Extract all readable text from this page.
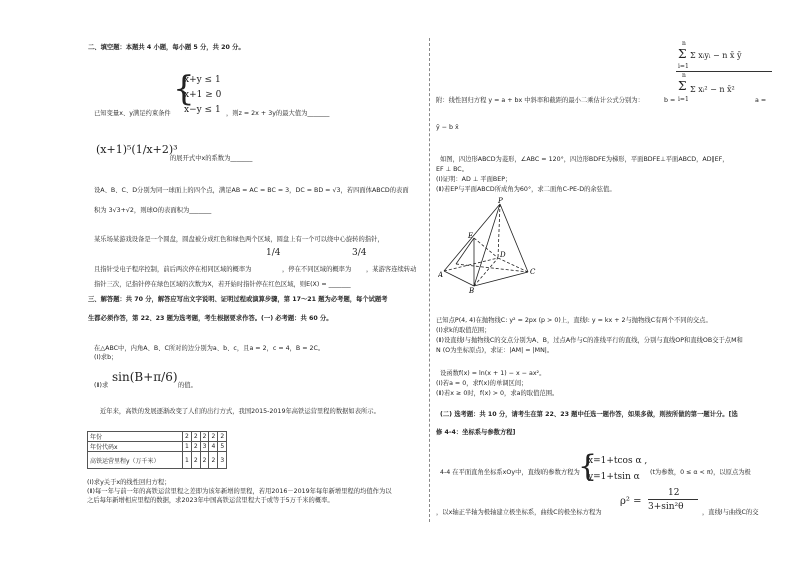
二、填空题：本题共 4 小题，每小题 5 分，共 20 分。
{
x+y ≤ 1
x+1 ≥ 0
x−y ≤ 1
已知变量x、y满足约束条件	，则z = 2x + 3y的最大值为_______
(x+1)⁵(1/x+2)³
的展开式中x的系数为_______
设A、B、C、D分别为同一球面上的四个点，满足AB = AC = BC = 3，DC = BD = √3，若四面体ABCD的表面
积为 3√3+√2，则球O的表面积为_______
某乐场某游戏设备是一个圆盘，圆盘被分成红色和绿色两个区域，圆盘上有一个可以绕中心旋转的指针，
1/4	3/4
且指针受电子程序控制，前后两次停在相同区域的概率为	，停在不同区域的概率为 ，某游客连续转动
指针三次，记指针停在绿色区域的次数为X，若开始时指针停在红色区域，则E(X) = _______
三、解答题：共 70 分，解答应写出文字说明、证明过程或演算步骤，第 17～21 题为必考题，每个试题考
生都必须作答，第 22、23 题为选考题，考生根据要求作答。(一) 必考题：共 60 分。
在△ABC中，内角A、B、C所对的边分别为a、b、c，且a = 2，c = 4，B = 2C。
(Ⅰ)求b；
(Ⅱ)求
sin(B+π/6)
的值。
近年来，高铁的发展逐渐改变了人们的出行方式，我国2015-2019年高铁运营里程的数据如表所示。
年份	2	2	2	2	2
年份代码x	1	2	3	4	5
高铁运营里程y（万千米）	1	2	2	2	3
(Ⅰ)求y关于x的线性回归方程；
(Ⅱ)每一年与前一年的高铁运营里程之差即为该年新增的里程，若用2016－2019年每年新增里程的均值作为以
之后每年新增相应里程的数据，求2023年中国高铁运营里程大于或等于5万千米的概率。
n
Σ Σ xᵢyᵢ − n x̄ ȳ
i=1
n
Σ Σ xᵢ² − n x̄²
i=1
附：线性回归方程 y = a + bx 中斜率和截距的最小二乘估计公式分别为：	b =	a =
ȳ − b x̄
如图，四边形ABCD为菱形，∠ABC = 120°，四边形BDFE为梯形，平面BDFE⊥平面ABCD，AD∥EF，
EF ⊥ BC。
(Ⅰ)证明：AD ⊥ 平面BEP；
(Ⅱ)若EP与平面ABCD所成角为60°，求二面角C-PE-D的余弦值。
P
E
D
A
B
C
已知点P(4, 4)在抛物线C: y² = 2px (p > 0)上，直线l: y = kx + 2与抛物线C有两个不同的交点。
(Ⅰ)求k的取值范围；
(Ⅱ)设直线l与抛物线C的交点分别为A、B，过点A作与C的准线平行的直线，分别与直线OP和直线OB交于点M和
N (O为坐标原点)，求证：|AM| = |MN|。
设函数f(x) = ln(x + 1) − x − ax²。
(Ⅰ)若a = 0，求f(x)的单调区间；
(Ⅱ)若x ≥ 0时，f(x) > 0，求a的取值范围。
(二) 选考题：共 10 分，请考生在第 22、23 题中任选一题作答，如果多做，则按所做的第一题计分。[选
修 4-4：坐标系与参数方程]
4-4 在平面直角坐标系xOy中，直线l的参数方程为
{
x=1+tcos α ,
y=1+tsin α (t为参数，0 ≤ α < π)，以原点为极
ρ² =
12
3+sin²θ
，以x轴正半轴为极轴建立极坐标系，曲线C的极坐标方程为	，直线l与曲线C的交
